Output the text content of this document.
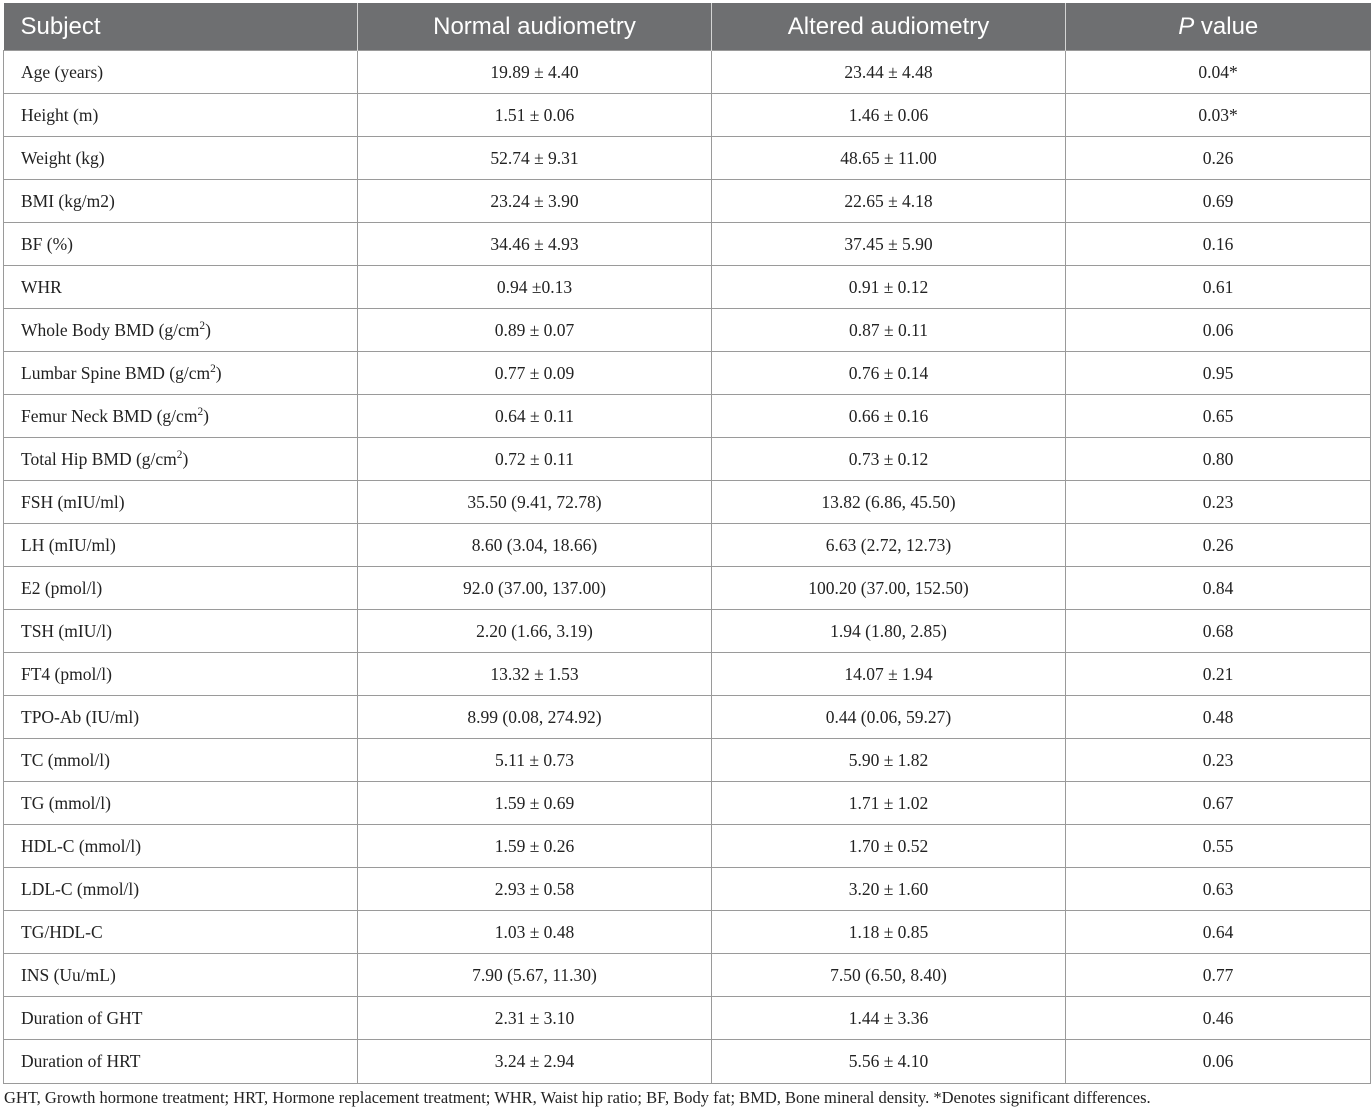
Subject	Normal audiometry	Altered audiometry	P value
Age (years)	19.89 ± 4.40	23.44 ± 4.48	0.04*
Height (m)	1.51 ± 0.06	1.46 ± 0.06	0.03*
Weight (kg)	52.74 ± 9.31	48.65 ± 11.00	0.26
BMI (kg/m2)	23.24 ± 3.90	22.65 ± 4.18	0.69
BF (%)	34.46 ± 4.93	37.45 ± 5.90	0.16
WHR	0.94 ±0.13	0.91 ± 0.12	0.61
Whole Body BMD $(g/cm^2)$	0.89 ± 0.07	0.87 ± 0.11	0.06
Lumbar Spine BMD $(g/cm^2)$	0.77 ± 0.09	0.76 ± 0.14	0.95
Femur Neck BMD $(g/cm^2)$	0.64 ± 0.11	0.66 ± 0.16	0.65
Total Hip BMD $(g/cm^2)$	0.72 ± 0.11	0.73 ± 0.12	0.80
FSH (mIU/ml)	35.50 (9.41, 72.78)	13.82 (6.86, 45.50)	0.23
LH (mIU/ml)	8.60 (3.04, 18.66)	6.63 (2.72, 12.73)	0.26
E2 (pmol/l)	92.0 (37.00, 137.00)	100.20 (37.00, 152.50)	0.84
TSH (mIU/l)	2.20 (1.66, 3.19)	1.94 (1.80, 2.85)	0.68
FT4 (pmol/l)	13.32 ± 1.53	14.07 ± 1.94	0.21
TPO-Ab (IU/ml)	8.99 (0.08, 274.92)	0.44 (0.06, 59.27)	0.48
TC (mmol/l)	5.11 ± 0.73	5.90 ± 1.82	0.23
TG (mmol/l)	1.59 ± 0.69	1.71 ± 1.02	0.67
HDL-C (mmol/l)	1.59 ± 0.26	1.70 ± 0.52	0.55
LDL-C (mmol/l)	2.93 ± 0.58	3.20 ± 1.60	0.63
TG/HDL-C	1.03 ± 0.48	1.18 ± 0.85	0.64
INS (Uu/mL)	7.90 (5.67, 11.30)	7.50 (6.50, 8.40)	0.77
Duration of GHT	2.31 ± 3.10	1.44 ± 3.36	0.46
Duration of HRT	3.24 ± 2.94	5.56 ± 4.10	0.06
GHT, Growth hormone treatment; HRT, Hormone replacement treatment; WHR, Waist hip ratio; BF, Body fat; BMD, Bone mineral density. *Denotes significant differences.
